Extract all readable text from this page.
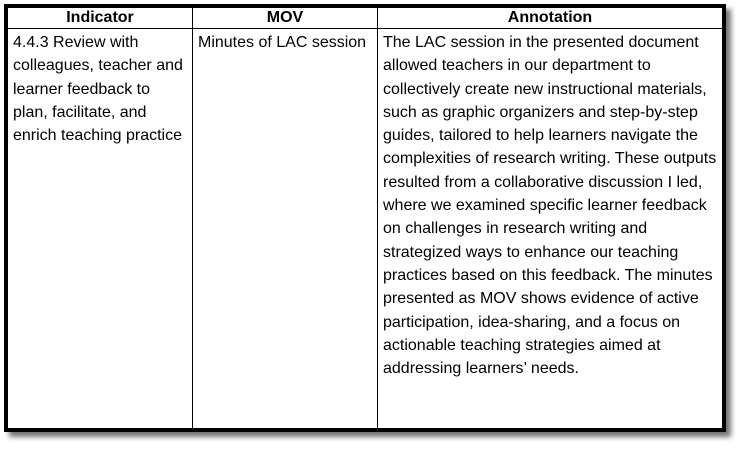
Indicator	MOV	Annotation
4.4.3 Review with colleagues, teacher and learner feedback to plan, facilitate, and enrich teaching practice	Minutes of LAC session	The LAC session in the presented document allowed teachers in our department to collectively create new instructional materials, such as graphic organizers and step-by-step guides, tailored to help learners navigate the complexities of research writing. These outputs resulted from a collaborative discussion I led, where we examined specific learner feedback on challenges in research writing and strategized ways to enhance our teaching practices based on this feedback. The minutes presented as MOV shows evidence of active participation, idea-sharing, and a focus on actionable teaching strategies aimed at addressing learners’ needs.
